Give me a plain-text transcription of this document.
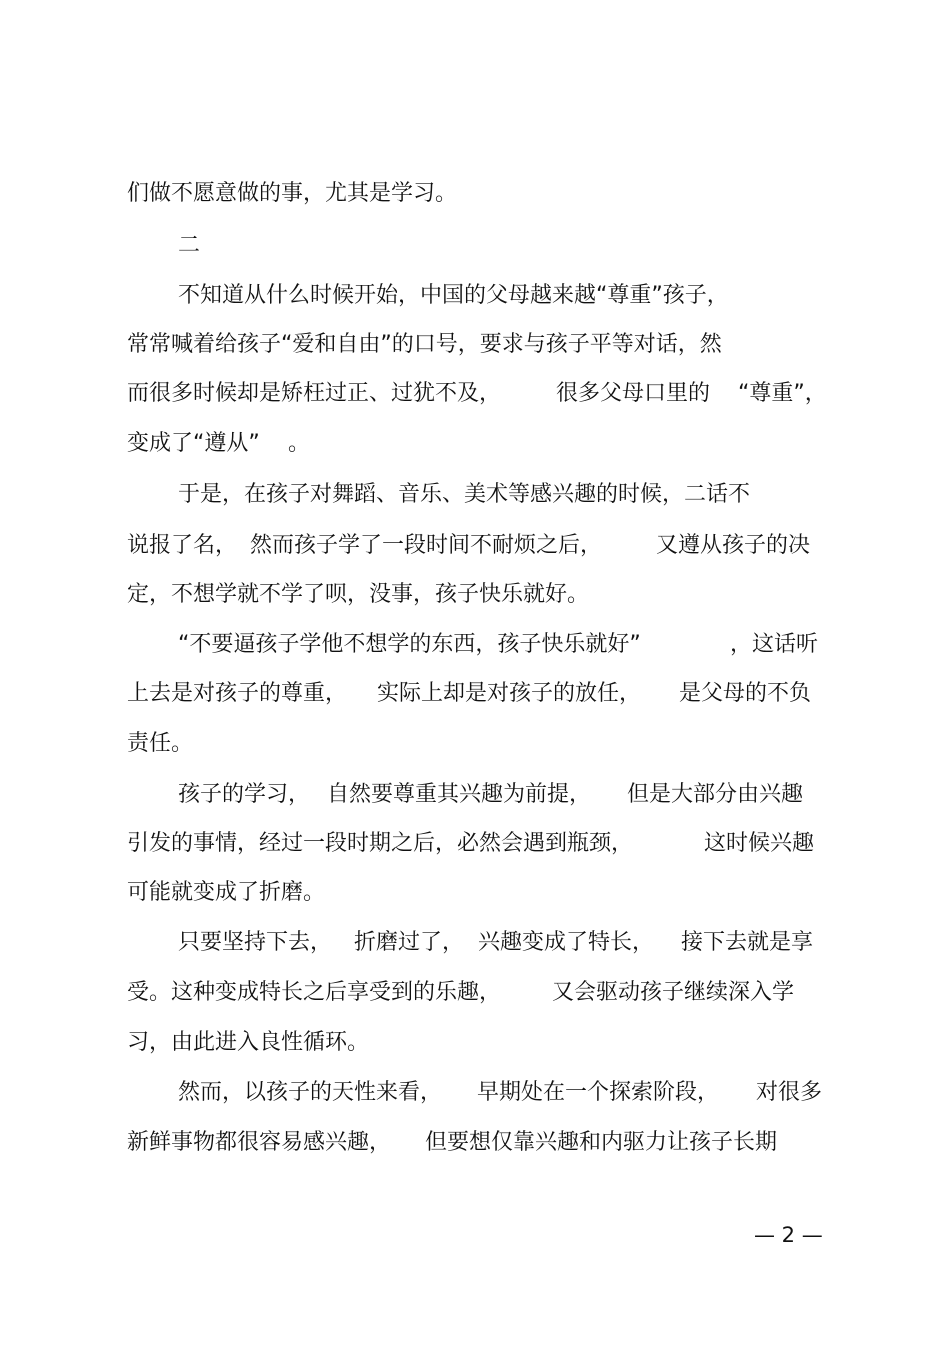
们做不愿意做的事，尤其是学习。
二
不知道从什么时候开始，中国的父母越来越“尊重”孩子，
常常喊着给孩子“爱和自由”的口号，要求与孩子平等对话，然
而很多时候却是矫枉过正、过犹不及， 很多父母口里的 “尊重”，
变成了“遵从” 。
于是，在孩子对舞蹈、音乐、美术等感兴趣的时候，二话不
说报了名， 然而孩子学了一段时间不耐烦之后， 又遵从孩子的决
定，不想学就不学了呗，没事，孩子快乐就好。
“不要逼孩子学他不想学的东西，孩子快乐就好”	，这话听
上去是对孩子的尊重， 实际上却是对孩子的放任， 是父母的不负
责任。
孩子的学习， 自然要尊重其兴趣为前提， 但是大部分由兴趣
引发的事情，经过一段时期之后，必然会遇到瓶颈，	这时候兴趣
可能就变成了折磨。
只要坚持下去， 折磨过了， 兴趣变成了特长， 接下去就是享
受。这种变成特长之后享受到的乐趣， 又会驱动孩子继续深入学
习，由此进入良性循环。
然而，以孩子的天性来看， 早期处在一个探索阶段， 对很多
新鲜事物都很容易感兴趣， 但要想仅靠兴趣和内驱力让孩子长期
— 2 —
